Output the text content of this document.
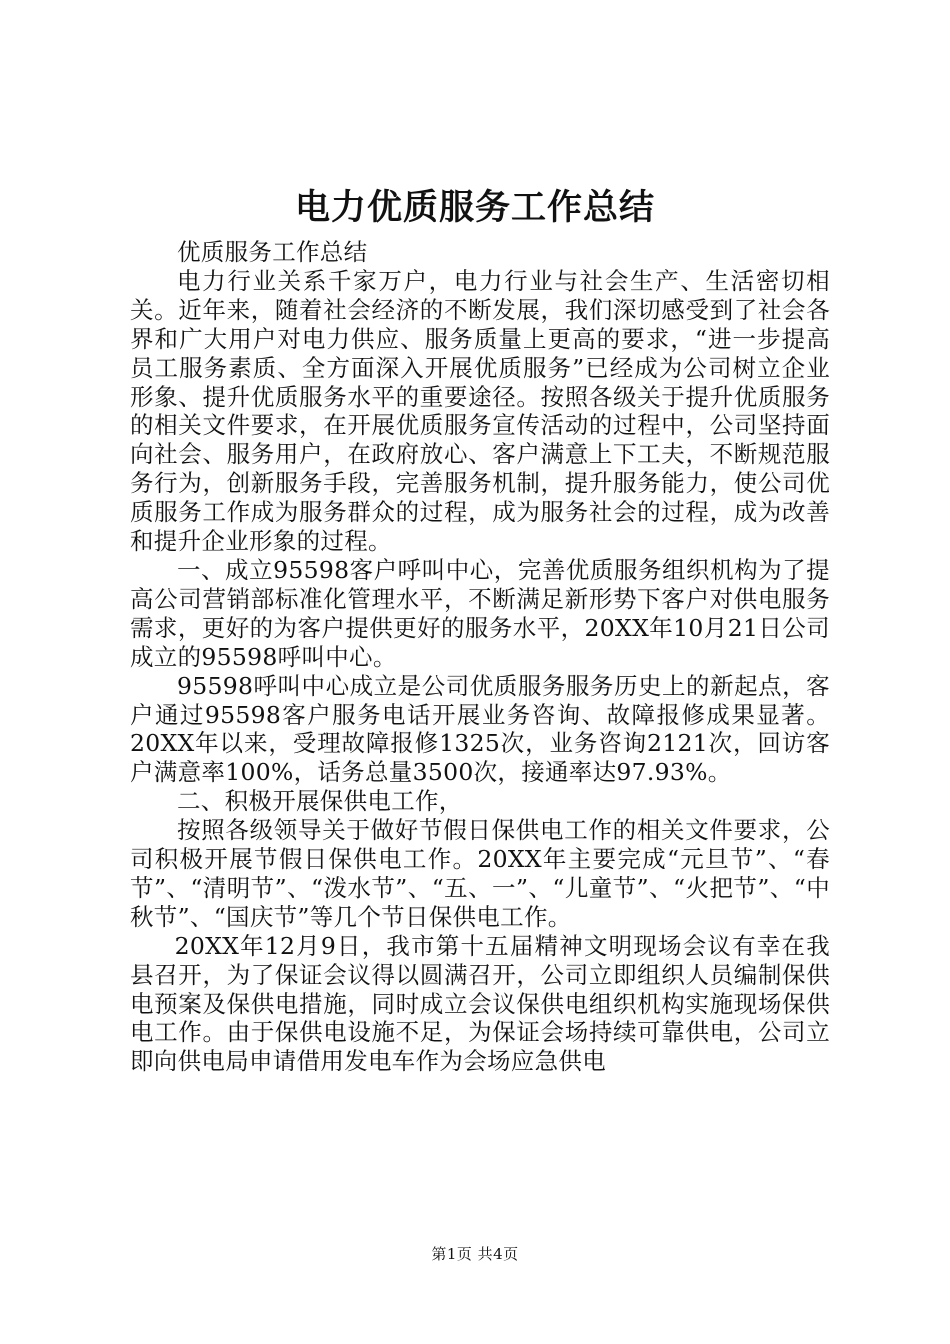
电力优质服务工作总结

优质服务工作总结

电力行业关系千家万户，电力行业与社会生产、生活密切相关。近年来，随着社会经济的不断发展，我们深切感受到了社会各界和广大用户对电力供应、服务质量上更高的要求，“进一步提高员工服务素质、全方面深入开展优质服务”已经成为公司树立企业形象、提升优质服务水平的重要途径。按照各级关于提升优质服务的相关文件要求，在开展优质服务宣传活动的过程中，公司坚持面向社会、服务用户，在政府放心、客户满意上下工夫，不断规范服务行为，创新服务手段，完善服务机制，提升服务能力，使公司优质服务工作成为服务群众的过程，成为服务社会的过程，成为改善和提升企业形象的过程。

一、成立95598客户呼叫中心，完善优质服务组织机构为了提高公司营销部标准化管理水平，不断满足新形势下客户对供电服务需求，更好的为客户提供更好的服务水平，20XX年10月21日公司成立的95598呼叫中心。

95598呼叫中心成立是公司优质服务服务历史上的新起点，客户通过95598客户服务电话开展业务咨询、故障报修成果显著。20XX年以来，受理故障报修1325次，业务咨询2121次，回访客户满意率100%，话务总量3500次，接通率达97.93%。

二、积极开展保供电工作，

按照各级领导关于做好节假日保供电工作的相关文件要求，公司积极开展节假日保供电工作。20XX年主要完成“元旦节”、“春节”、“清明节”、“泼水节”、“五、一”、“儿童节”、“火把节”、“中秋节”、“国庆节”等几个节日保供电工作。

20XX年12月9日，我市第十五届精神文明现场会议有幸在我县召开，为了保证会议得以圆满召开，公司立即组织人员编制保供电预案及保供电措施，同时成立会议保供电组织机构实施现场保供电工作。由于保供电设施不足，为保证会场持续可靠供电，公司立即向供电局申请借用发电车作为会场应急供电

第1页 共4页
